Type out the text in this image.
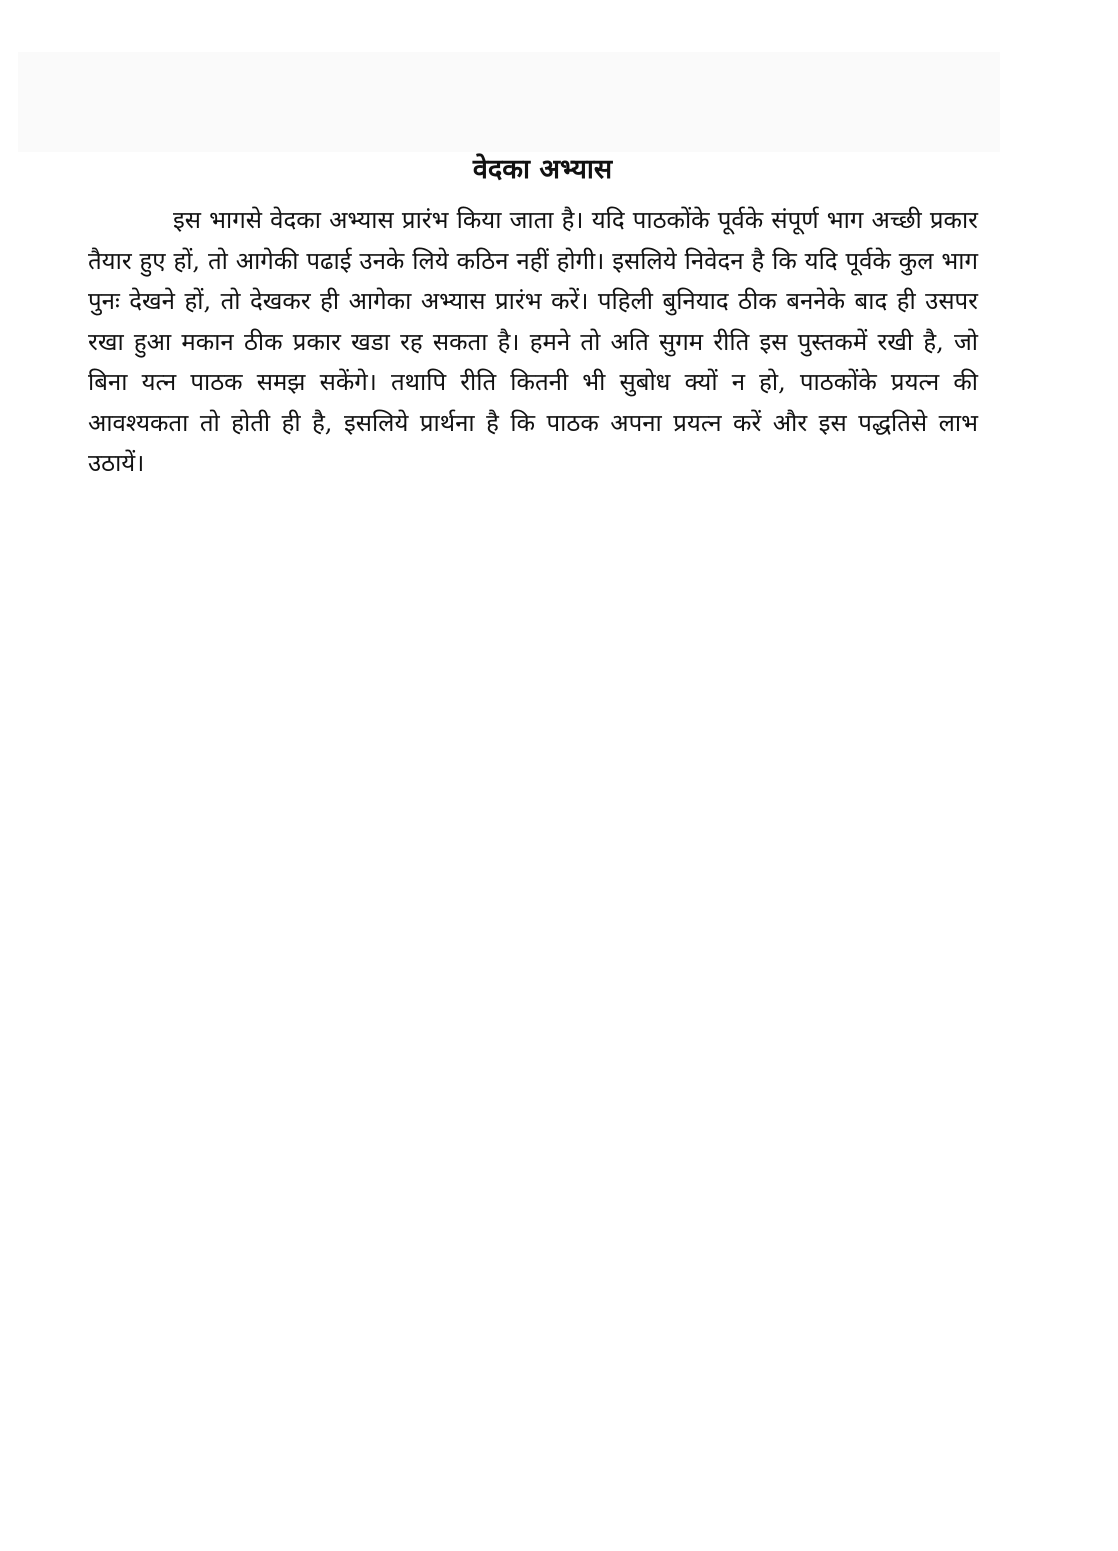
वेदका अभ्यास

इस भागसे वेदका अभ्यास प्रारंभ किया जाता है। यदि पाठकोंके पूर्वके संपूर्ण भाग अच्छी प्रकार तैयार हुए हों, तो आगेकी पढाई उनके लिये कठिन नहीं होगी। इसलिये निवेदन है कि यदि पूर्वके कुल भाग पुनः देखने हों, तो देखकर ही आगेका अभ्यास प्रारंभ करें। पहिली बुनियाद ठीक बननेके बाद ही उसपर रखा हुआ मकान ठीक प्रकार खडा रह सकता है। हमने तो अति सुगम रीति इस पुस्तकमें रखी है, जो बिना यत्न पाठक समझ सकेंगे। तथापि रीति कितनी भी सुबोध क्यों न हो, पाठकोंके प्रयत्न की आवश्यकता तो होती ही है, इसलिये प्रार्थना है कि पाठक अपना प्रयत्न करें और इस पद्धतिसे लाभ उठायें।
